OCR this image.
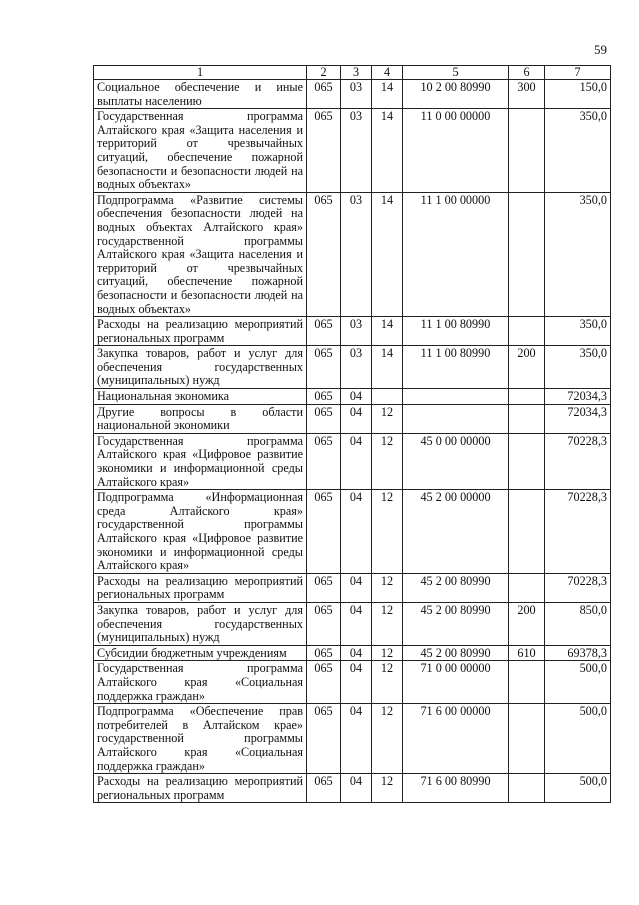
59
1	2	3	4	5	6	7
Социальное обеспечение и иные выплаты населению	065	03	14	10 2 00 80990	300	150,0
Государственная программа Алтайского края «Защита населения и территорий от чрезвычайных ситуаций, обеспечение пожарной безопасности и безопасности людей на водных объектах»	065	03	14	11 0 00 00000		350,0
Подпрограмма «Развитие системы обеспечения безопасности людей на водных объектах Алтайского края» государственной программы Алтайского края «Защита населения и территорий от чрезвычайных ситуаций, обеспечение пожарной безопасности и безопасности людей на водных объектах»	065	03	14	11 1 00 00000		350,0
Расходы на реализацию мероприятий региональных программ	065	03	14	11 1 00 80990		350,0
Закупка товаров, работ и услуг для обеспечения государственных (муниципальных) нужд	065	03	14	11 1 00 80990	200	350,0
Национальная экономика	065	04				72034,3
Другие вопросы в области национальной экономики	065	04	12			72034,3
Государственная программа Алтайского края «Цифровое развитие экономики и информационной среды Алтайского края»	065	04	12	45 0 00 00000		70228,3
Подпрограмма «Информационная среда Алтайского края» государственной программы Алтайского края «Цифровое развитие экономики и информационной среды Алтайского края»	065	04	12	45 2 00 00000		70228,3
Расходы на реализацию мероприятий региональных программ	065	04	12	45 2 00 80990		70228,3
Закупка товаров, работ и услуг для обеспечения государственных (муниципальных) нужд	065	04	12	45 2 00 80990	200	850,0
Субсидии бюджетным учреждениям	065	04	12	45 2 00 80990	610	69378,3
Государственная программа Алтайского края «Социальная поддержка граждан»	065	04	12	71 0 00 00000		500,0
Подпрограмма «Обеспечение прав потребителей в Алтайском крае» государственной программы Алтайского края «Социальная поддержка граждан»	065	04	12	71 6 00 00000		500,0
Расходы на реализацию мероприятий региональных программ	065	04	12	71 6 00 80990		500,0
